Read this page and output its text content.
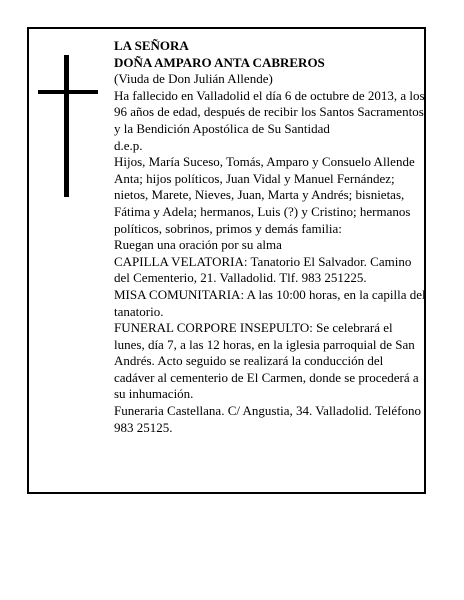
LA SEÑORA

DOÑA AMPARO ANTA CABREROS

(Viuda de Don Julián Allende)

Ha fallecido en Valladolid el día 6 de octubre de 2013, a los 96 años de edad, después de recibir los Santos Sacramentos y la Bendición Apostólica de Su Santidad

d.e.p.

Hijos, María Suceso, Tomás, Amparo y Consuelo Allende Anta; hijos políticos, Juan Vidal y Manuel Fernández; nietos, Marete, Nieves, Juan, Marta y Andrés; bisnietas, Fátima y Adela; hermanos, Luis (?) y Cristino; hermanos políticos, sobrinos, primos y demás familia:

Ruegan una oración por su alma

CAPILLA VELATORIA: Tanatorio El Salvador. Camino del Cementerio, 21. Valladolid. Tlf. 983 251225.

MISA COMUNITARIA: A las 10:00 horas, en la capilla del tanatorio.

FUNERAL CORPORE INSEPULTO: Se celebrará el lunes, día 7, a las 12 horas, en la iglesia parroquial de San Andrés. Acto seguido se realizará la conducción del cadáver al cementerio de El Carmen, donde se procederá a su inhumación.

Funeraria Castellana. C/ Angustia, 34. Valladolid. Teléfono 983 25125.
